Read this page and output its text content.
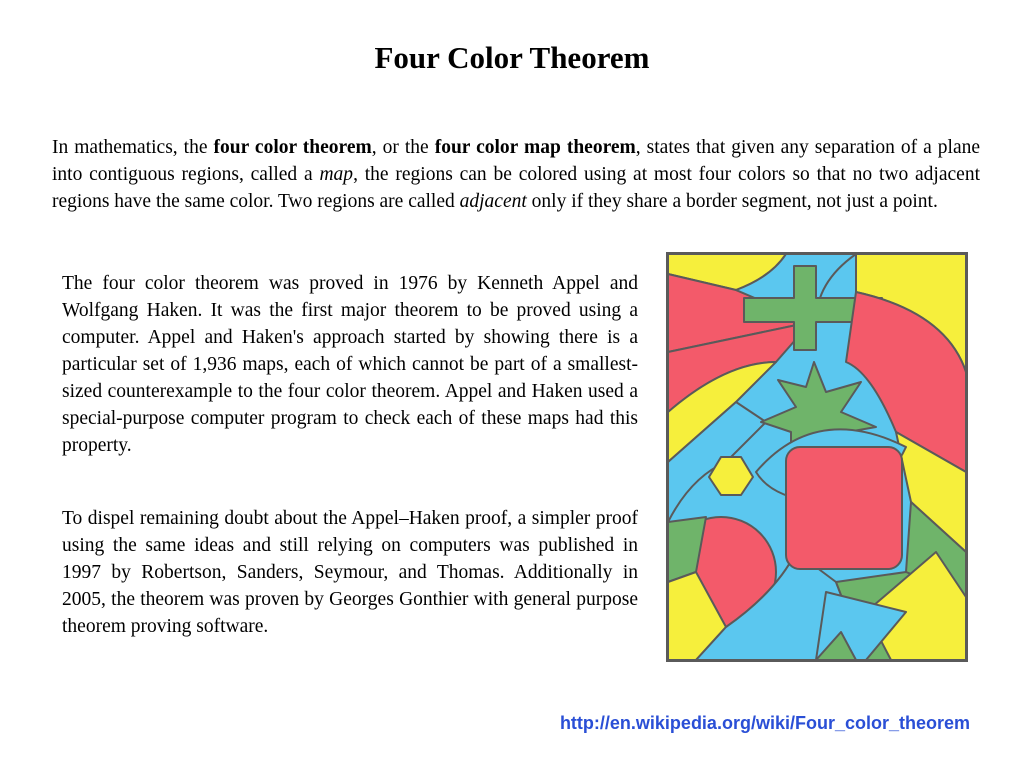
Four Color Theorem

In mathematics, the four color theorem, or the four color map theorem, states that given any separation of a plane into contiguous regions, called a map, the regions can be colored using at most four colors so that no two adjacent regions have the same color. Two regions are called adjacent only if they share a border segment, not just a point.

The four color theorem was proved in 1976 by Kenneth Appel and Wolfgang Haken. It was the first major theorem to be proved using a computer. Appel and Haken's approach started by showing there is a particular set of 1,936 maps, each of which cannot be part of a smallest-sized counterexample to the four color theorem. Appel and Haken used a special-purpose computer program to check each of these maps had this property.

To dispel remaining doubt about the Appel–Haken proof, a simpler proof using the same ideas and still relying on computers was published in 1997 by Robertson, Sanders, Seymour, and Thomas. Additionally in 2005, the theorem was proven by Georges Gonthier with general purpose theorem proving software.

http://en.wikipedia.org/wiki/Four_color_theorem
